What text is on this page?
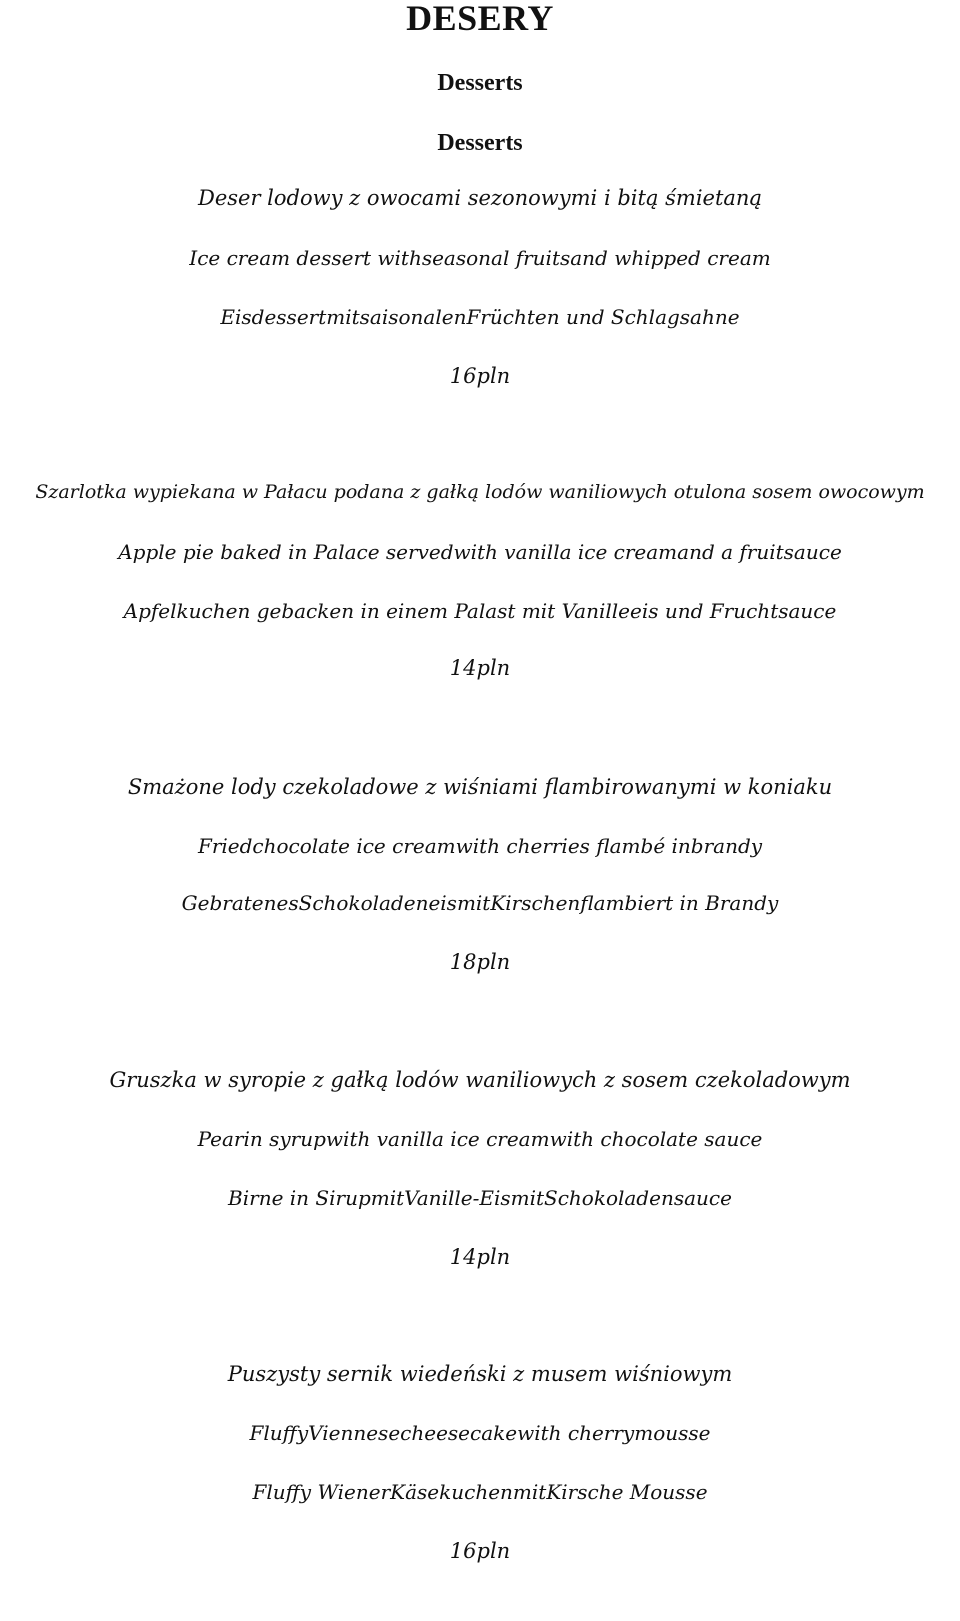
DESERY
Desserts
Desserts
Deser lodowy z owocami sezonowymi i bitą śmietaną
Ice cream dessert withseasonal fruitsand whipped cream
EisdessertmitsaisonalenFrüchten und Schlagsahne
16pln
Szarlotka wypiekana w Pałacu podana z gałką lodów waniliowych otulona sosem owocowym
Apple pie baked in Palace servedwith vanilla ice creamand a fruitsauce
Apfelkuchen gebacken in einem Palast mit Vanilleeis und Fruchtsauce
14pln
Smażone lody czekoladowe z wiśniami flambirowanymi w koniaku
Friedchocolate ice creamwith cherries flambé inbrandy
GebratenesSchokoladeneismitKirschenflambiert in Brandy
18pln
Gruszka w syropie z gałką lodów waniliowych z sosem czekoladowym
Pearin syrupwith vanilla ice creamwith chocolate sauce
Birne in SirupmitVanille-EismitSchokoladensauce
14pln
Puszysty sernik wiedeński z musem wiśniowym
FluffyViennesecheesecakewith cherrymousse
Fluffy WienerKäsekuchenmitKirsche Mousse
16pln
